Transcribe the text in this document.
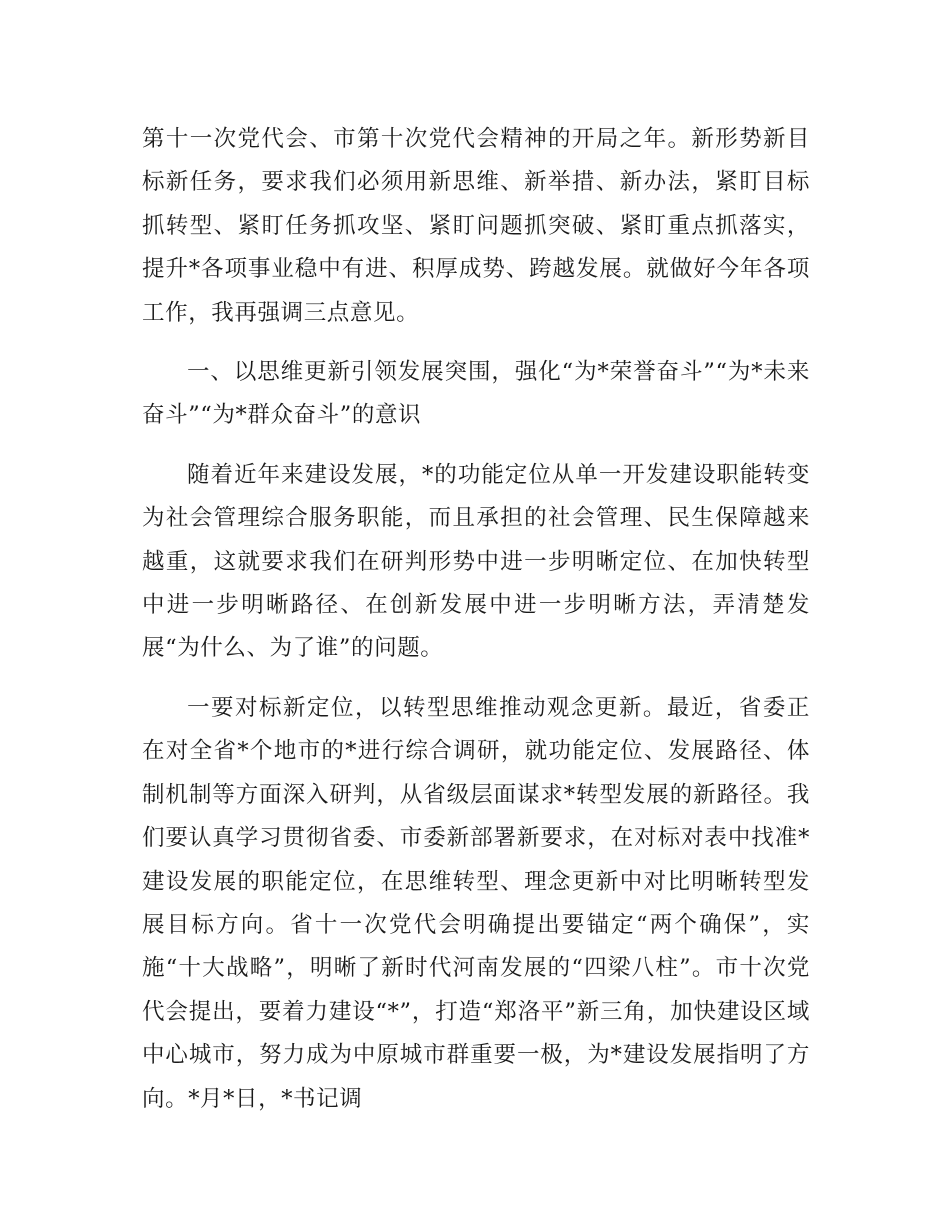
第十一次党代会、市第十次党代会精神的开局之年。新形势新目标新任务，要求我们必须用新思维、新举措、新办法，紧盯目标抓转型、紧盯任务抓攻坚、紧盯问题抓突破、紧盯重点抓落实，提升*各项事业稳中有进、积厚成势、跨越发展。就做好今年各项工作，我再强调三点意见。

一、以思维更新引领发展突围，强化“为*荣誉奋斗”“为*未来奋斗”“为*群众奋斗”的意识

随着近年来建设发展，*的功能定位从单一开发建设职能转变为社会管理综合服务职能，而且承担的社会管理、民生保障越来越重，这就要求我们在研判形势中进一步明晰定位、在加快转型中进一步明晰路径、在创新发展中进一步明晰方法，弄清楚发展“为什么、为了谁”的问题。

一要对标新定位，以转型思维推动观念更新。最近，省委正在对全省*个地市的*进行综合调研，就功能定位、发展路径、体制机制等方面深入研判，从省级层面谋求*转型发展的新路径。我们要认真学习贯彻省委、市委新部署新要求，在对标对表中找准*建设发展的职能定位，在思维转型、理念更新中对比明晰转型发展目标方向。省十一次党代会明确提出要锚定“两个确保”，实施“十大战略”，明晰了新时代河南发展的“四梁八柱”。市十次党代会提出，要着力建设“*”，打造“郑洛平”新三角，加快建设区域中心城市，努力成为中原城市群重要一极，为*建设发展指明了方向。*月*日，*书记调
